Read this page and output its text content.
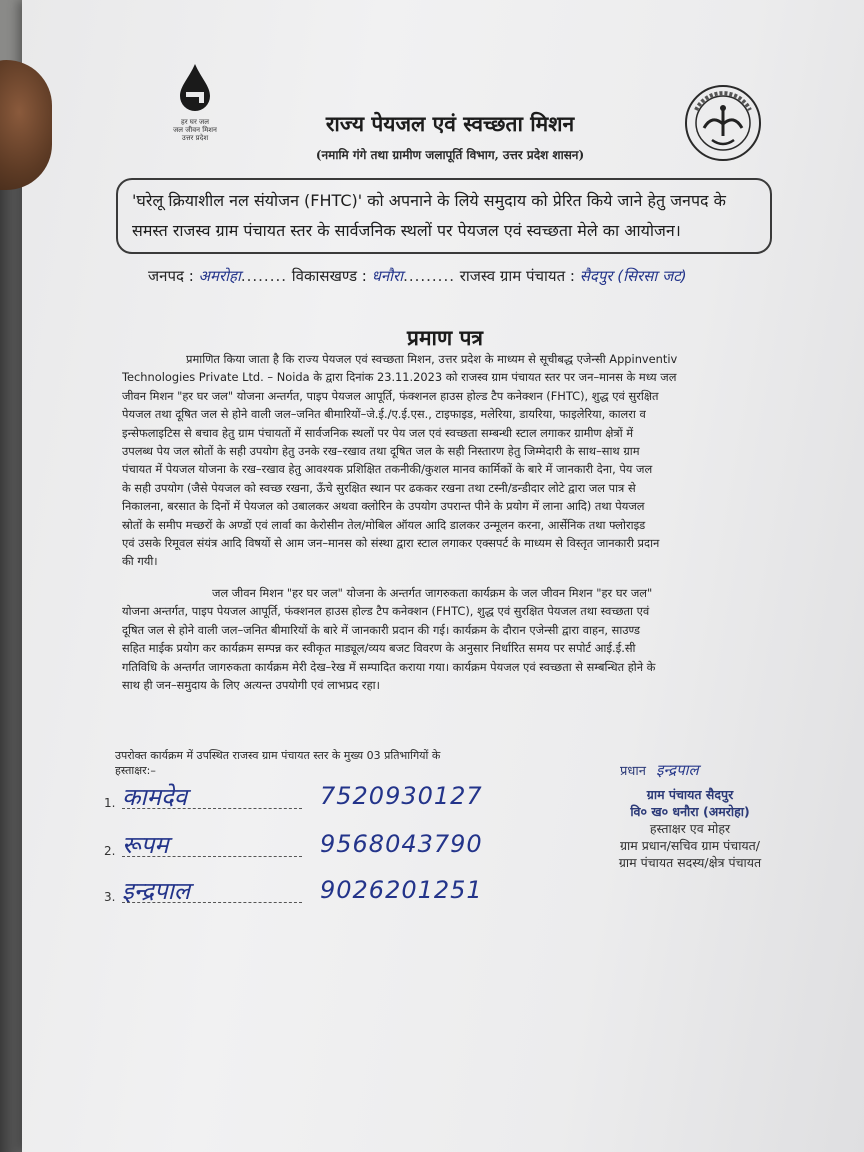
हर घर जल
जल जीवन मिशन
उत्तर प्रदेश
राज्य पेयजल एवं स्वच्छता मिशन
(नमामि गंगे तथा ग्रामीण जलापूर्ति विभाग, उत्तर प्रदेश शासन)
'घरेलू क्रियाशील नल संयोजन (FHTC)' को अपनाने के लिये समुदाय को प्रेरित किये जाने हेतु जनपद के
समस्त राजस्व ग्राम पंचायत स्तर के सार्वजनिक स्थलों पर पेयजल एवं स्वच्छता मेले का आयोजन।
जनपद : अमरोहा........ विकासखण्ड : धनौरा......... राजस्व ग्राम पंचायत : सैदपुर (सिरसा जट)
प्रमाण पत्र
प्रमाणित किया जाता है कि राज्य पेयजल एवं स्वच्छता मिशन, उत्तर प्रदेश के माध्यम से सूचीबद्ध एजेन्सी Appinventiv
Technologies Private Ltd. – Noida के द्वारा दिनांक 23.11.2023 को राजस्व ग्राम पंचायत स्तर पर जन–मानस के मध्य जल
जीवन मिशन "हर घर जल" योजना अन्तर्गत, पाइप पेयजल आपूर्ति, फंक्शनल हाउस होल्ड टैप कनेक्शन (FHTC), शुद्ध एवं सुरक्षित
पेयजल तथा दूषित जल से होने वाली जल–जनित बीमारियों–जे.ई./ए.ई.एस., टाइफाइड, मलेरिया, डायरिया, फाइलेरिया, कालरा व
इन्सेफलाइटिस से बचाव हेतु ग्राम पंचायतों में सार्वजनिक स्थलों पर पेय जल एवं स्वच्छता सम्बन्धी स्टाल लगाकर ग्रामीण क्षेत्रों में
उपलब्ध पेय जल स्रोतों के सही उपयोग हेतु उनके रख–रखाव तथा दूषित जल के सही निस्तारण हेतु जिम्मेदारी के साथ–साथ ग्राम
पंचायत में पेयजल योजना के रख–रखाव हेतु आवश्यक प्रशिक्षित तकनीकी/कुशल मानव कार्मिकों के बारे में जानकारी देना, पेय जल
के सही उपयोग (जैसे पेयजल को स्वच्छ रखना, ऊँचे सुरक्षित स्थान पर ढककर रखना तथा टस्नी/डन्डीदार लोटे द्वारा जल पात्र से
निकालना, बरसात के दिनों में पेयजल को उबालकर अथवा क्लोरिन के उपयोग उपरान्त पीने के प्रयोग में लाना आदि) तथा पेयजल
स्रोतों के समीप मच्छरों के अण्डों एवं लार्वा का केरोसीन तेल/मोबिल ऑयल आदि डालकर उन्मूलन करना, आर्सेनिक तथा फ्लोराइड
एवं उसके रिमूवल संयंत्र आदि विषयों से आम जन–मानस को संस्था द्वारा स्टाल लगाकर एक्सपर्ट के माध्यम से विस्तृत जानकारी प्रदान
की गयी।
जल जीवन मिशन "हर घर जल" योजना के अन्तर्गत जागरुकता कार्यक्रम के जल जीवन मिशन "हर घर जल"
योजना अन्तर्गत, पाइप पेयजल आपूर्ति, फंक्शनल हाउस होल्ड टैप कनेक्शन (FHTC), शुद्ध एवं सुरक्षित पेयजल तथा स्वच्छता एवं
दूषित जल से होने वाली जल–जनित बीमारियों के बारे में जानकारी प्रदान की गई। कार्यक्रम के दौरान एजेन्सी द्वारा वाहन, साउण्ड
सहित माईक प्रयोग कर कार्यक्रम सम्पन्न कर स्वीकृत माड्यूल/व्यय बजट विवरण के अनुसार निर्धारित समय पर सपोर्ट आई.ई.सी
गतिविधि के अन्तर्गत जागरुकता कार्यक्रम मेरी देख–रेख में सम्पादित कराया गया। कार्यक्रम पेयजल एवं स्वच्छता से सम्बन्धित होने के
साथ ही जन–समुदाय के लिए अत्यन्त उपयोगी एवं लाभप्रद रहा।
उपरोक्त कार्यक्रम में उपस्थित राजस्व ग्राम पंचायत स्तर के मुख्य 03 प्रतिभागियों के
हस्ताक्षर:–
1. कामदेव	7520930127
2. रूपम	9568043790
3. इन्द्रपाल	9026201251
प्रधान इन्द्रपाल
ग्राम पंचायत सैदपुर
वि० ख० धनौरा (अमरोहा)
हस्ताक्षर एव मोहर
ग्राम प्रधान/सचिव ग्राम पंचायत/
ग्राम पंचायत सदस्य/क्षेत्र पंचायत
